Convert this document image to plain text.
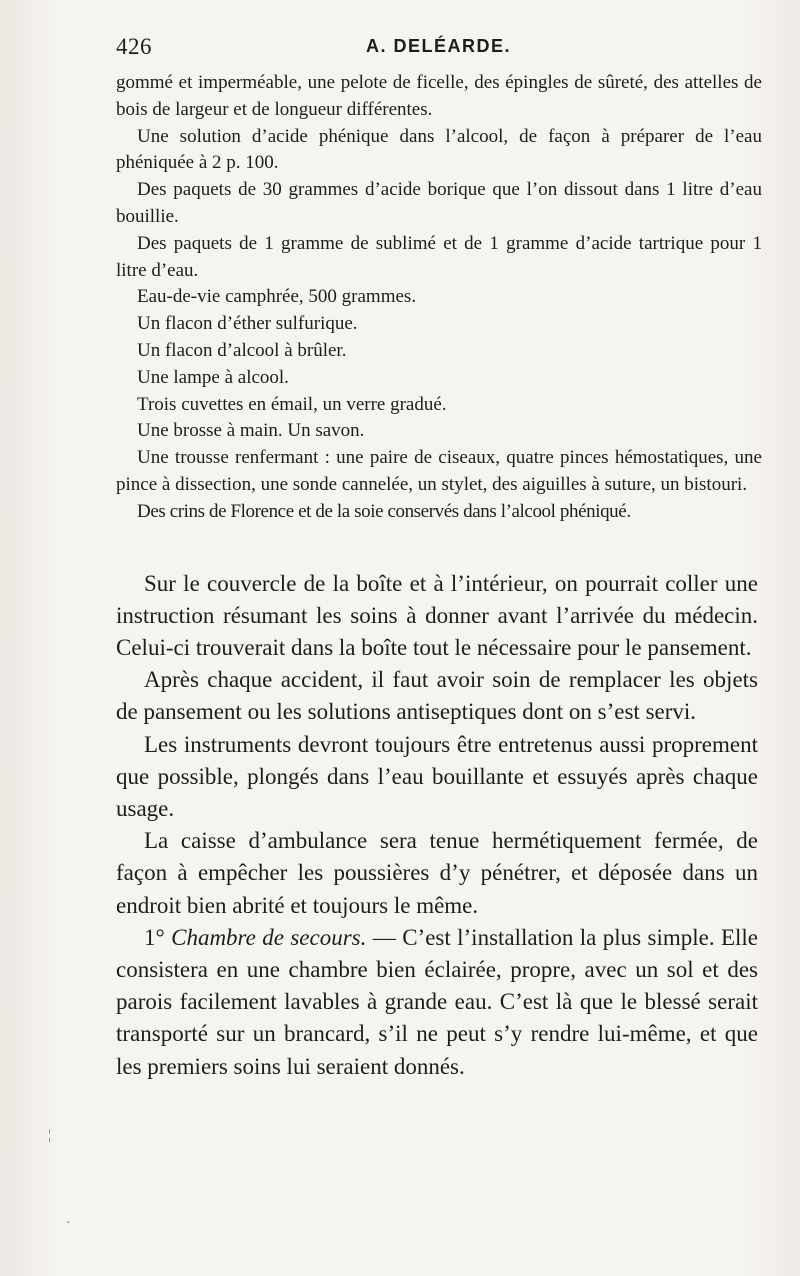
426	A. DELÉARDE.

gommé et imperméable, une pelote de ficelle, des épingles de sûreté, des attelles de bois de largeur et de longueur différentes.

Une solution d’acide phénique dans l’alcool, de façon à préparer de l’eau phéniquée à 2 p. 100.

Des paquets de 30 grammes d’acide borique que l’on dissout dans 1 litre d’eau bouillie.

Des paquets de 1 gramme de sublimé et de 1 gramme d’acide tartrique pour 1 litre d’eau.

Eau-de-vie camphrée, 500 grammes.

Un flacon d’éther sulfurique.

Un flacon d’alcool à brûler.

Une lampe à alcool.

Trois cuvettes en émail, un verre gradué.

Une brosse à main. Un savon.

Une trousse renfermant : une paire de ciseaux, quatre pinces hémostatiques, une pince à dissection, une sonde cannelée, un stylet, des aiguilles à suture, un bistouri.

Des crins de Florence et de la soie conservés dans l’alcool phéniqué.

Sur le couvercle de la boîte et à l’intérieur, on pourrait coller une instruction résumant les soins à donner avant l’arrivée du médecin. Celui-ci trouverait dans la boîte tout le nécessaire pour le pansement.

Après chaque accident, il faut avoir soin de remplacer les objets de pansement ou les solutions antiseptiques dont on s’est servi.

Les instruments devront toujours être entretenus aussi proprement que possible, plongés dans l’eau bouillante et essuyés après chaque usage.

La caisse d’ambulance sera tenue hermétiquement fermée, de façon à empêcher les poussières d’y pénétrer, et déposée dans un endroit bien abrité et toujours le même.

1° Chambre de secours. — C’est l’installation la plus simple. Elle consistera en une chambre bien éclairée, propre, avec un sol et des parois facilement lavables à grande eau. C’est là que le blessé serait transporté sur un brancard, s’il ne peut s’y rendre lui-même, et que les premiers soins lui seraient donnés.

¦
·
